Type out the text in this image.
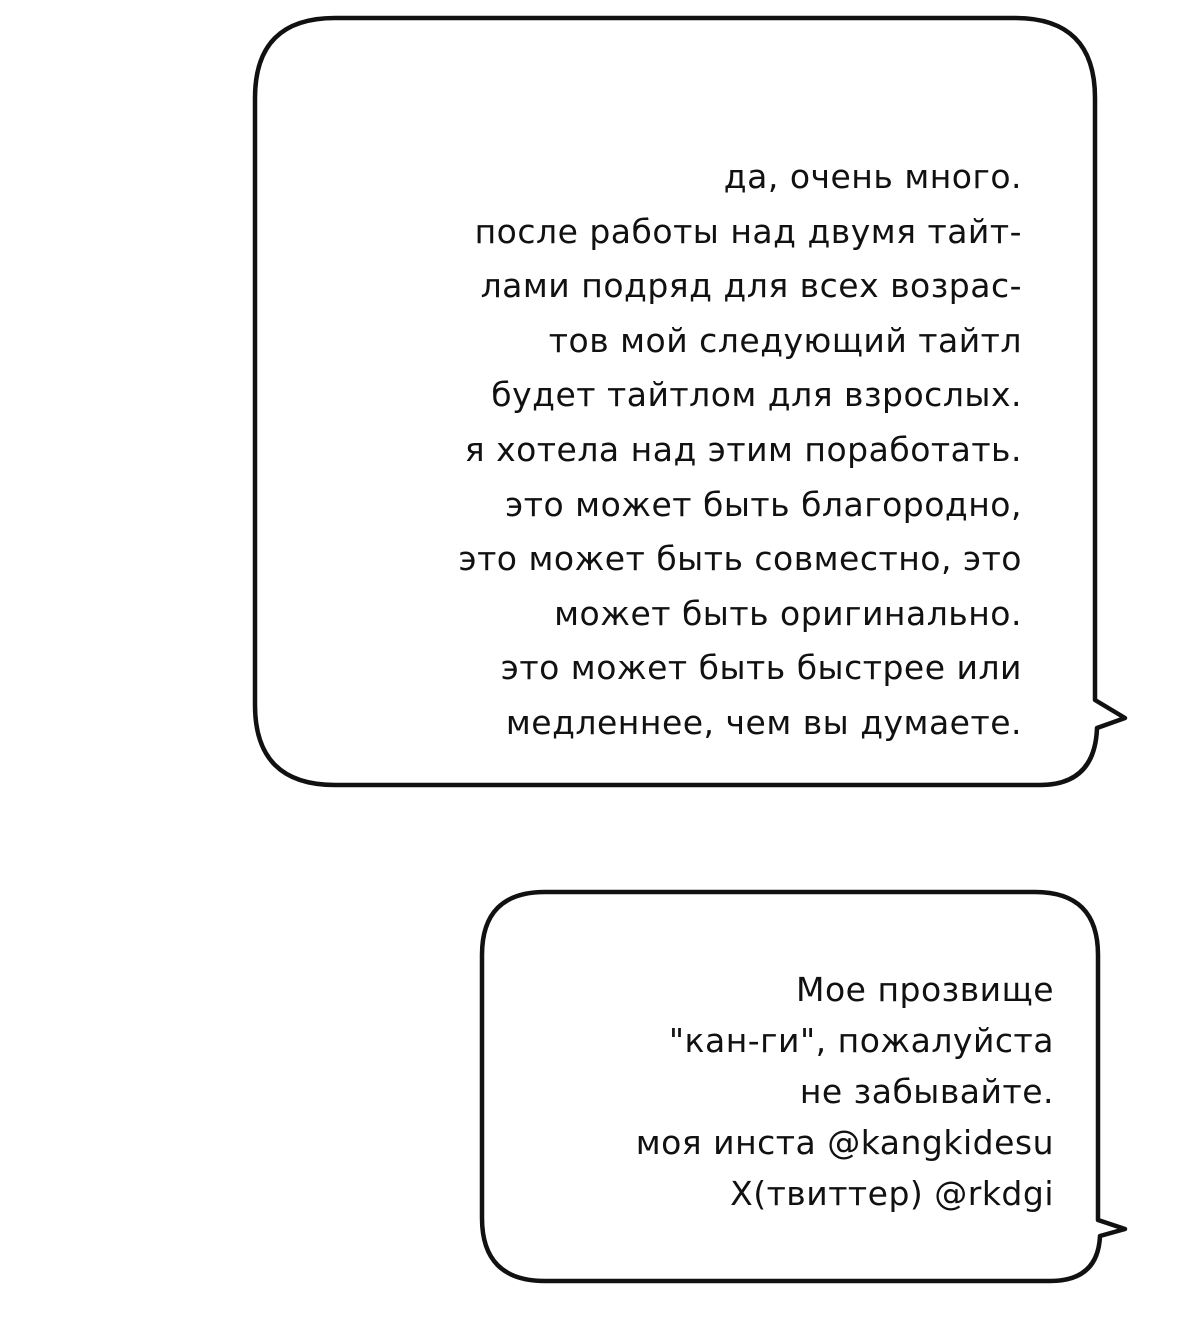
да, очень много.
после работы над двумя тайт-
лами подряд для всех возрас-
тов мой следующий тайтл
будет тайтлом для взрослых.
я хотела над этим поработать.
это может быть благородно,
это может быть совместно, это
может быть оригинально.
это может быть быстрее или
медленнее, чем вы думаете.
Мое прозвище
"кан-ги", пожалуйста
не забывайте.
моя инста @kangkidesu
X(твиттер) @rkdgi
